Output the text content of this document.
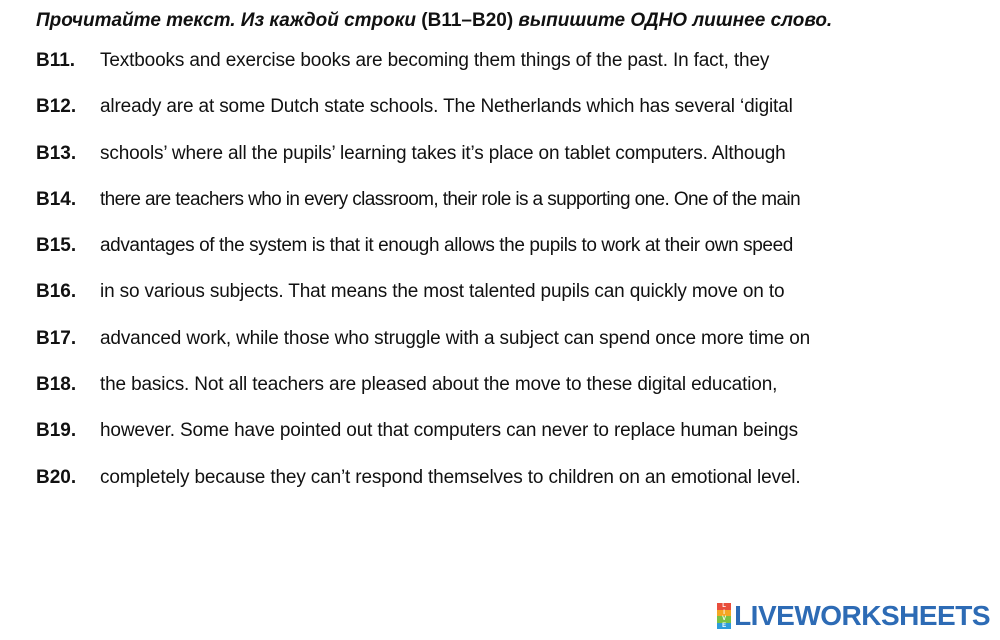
Прочитайте текст. Из каждой строки (B11–B20) выпишите ОДНО лишнее слово.
B11.	Textbooks and exercise books are becoming them things of the past. In fact, they
B12.	already are at some Dutch state schools. The Netherlands which has several ‘digital
B13.	schools’ where all the pupils’ learning takes it’s place on tablet computers. Although
B14.	there are teachers who in every classroom, their role is a supporting one. One of the main
B15.	advantages of the system is that it enough allows the pupils to work at their own speed
B16.	in so various subjects. That means the most talented pupils can quickly move on to
B17.	advanced work, while those who struggle with a subject can spend once more time on
B18.	the basics. Not all teachers are pleased about the move to these digital education,
B19.	however. Some have pointed out that computers can never to replace human beings
B20.	completely because they can’t respond themselves to children on an emotional level.
L
I
V
E LIVEWORKSHEETS
